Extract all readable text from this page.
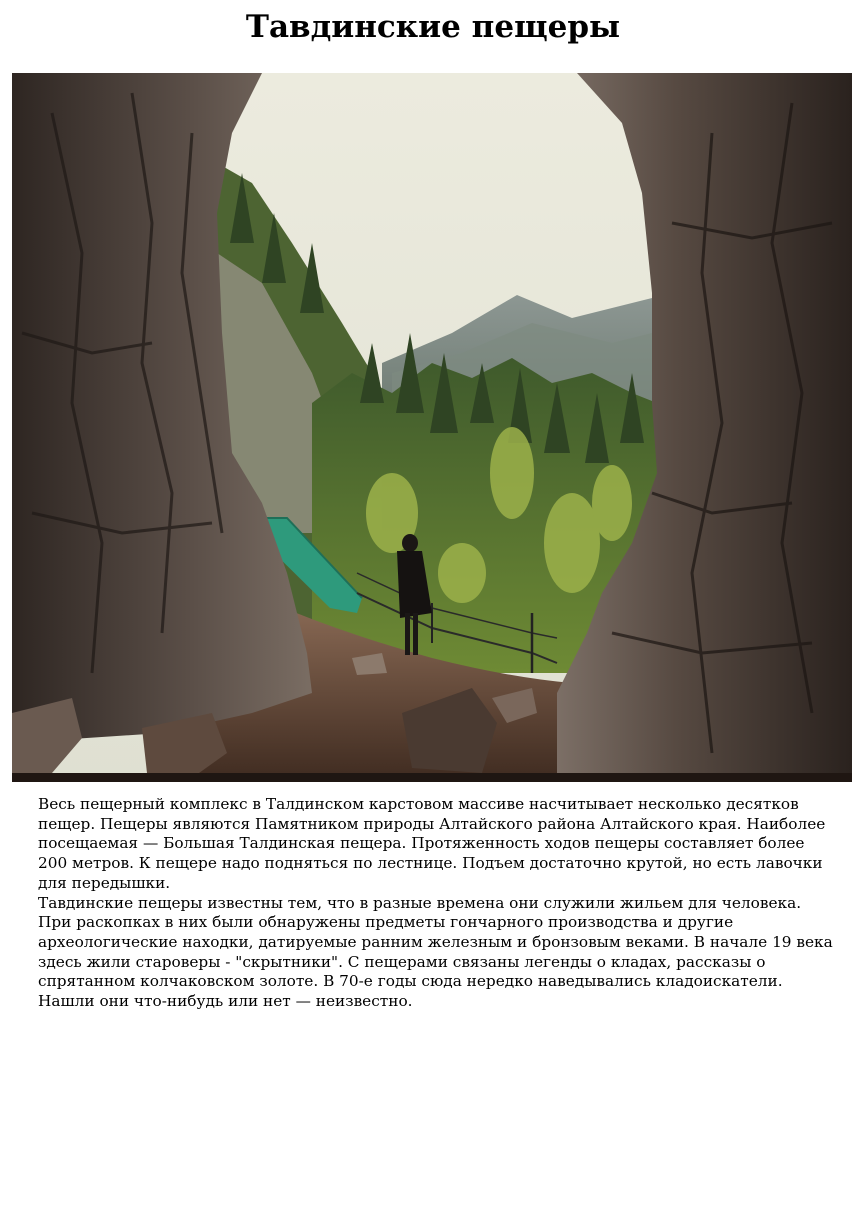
Тавдинские пещеры

Весь пещерный комплекс в Талдинском карстовом массиве насчитывает несколько десятков пещер. Пещеры являются Памятником природы Алтайского района Алтайского края. Наиболее посещаемая — Большая Талдинская пещера. Протяженность ходов пещеры составляет более 200 метров. К пещере надо подняться по лестнице. Подъем достаточно крутой, но есть лавочки для передышки.

Тавдинские пещеры известны тем, что в разные времена они служили жильем для человека. При раскопках в них были обнаружены предметы гончарного производства и другие археологические находки, датируемые ранним железным и бронзовым веками. В начале 19 века здесь жили староверы - "скрытники". С пещерами связаны легенды о кладах, рассказы о спрятанном колчаковском золоте. В 70-е годы сюда нередко наведывались кладоискатели. Нашли они что-нибудь или нет — неизвестно.
